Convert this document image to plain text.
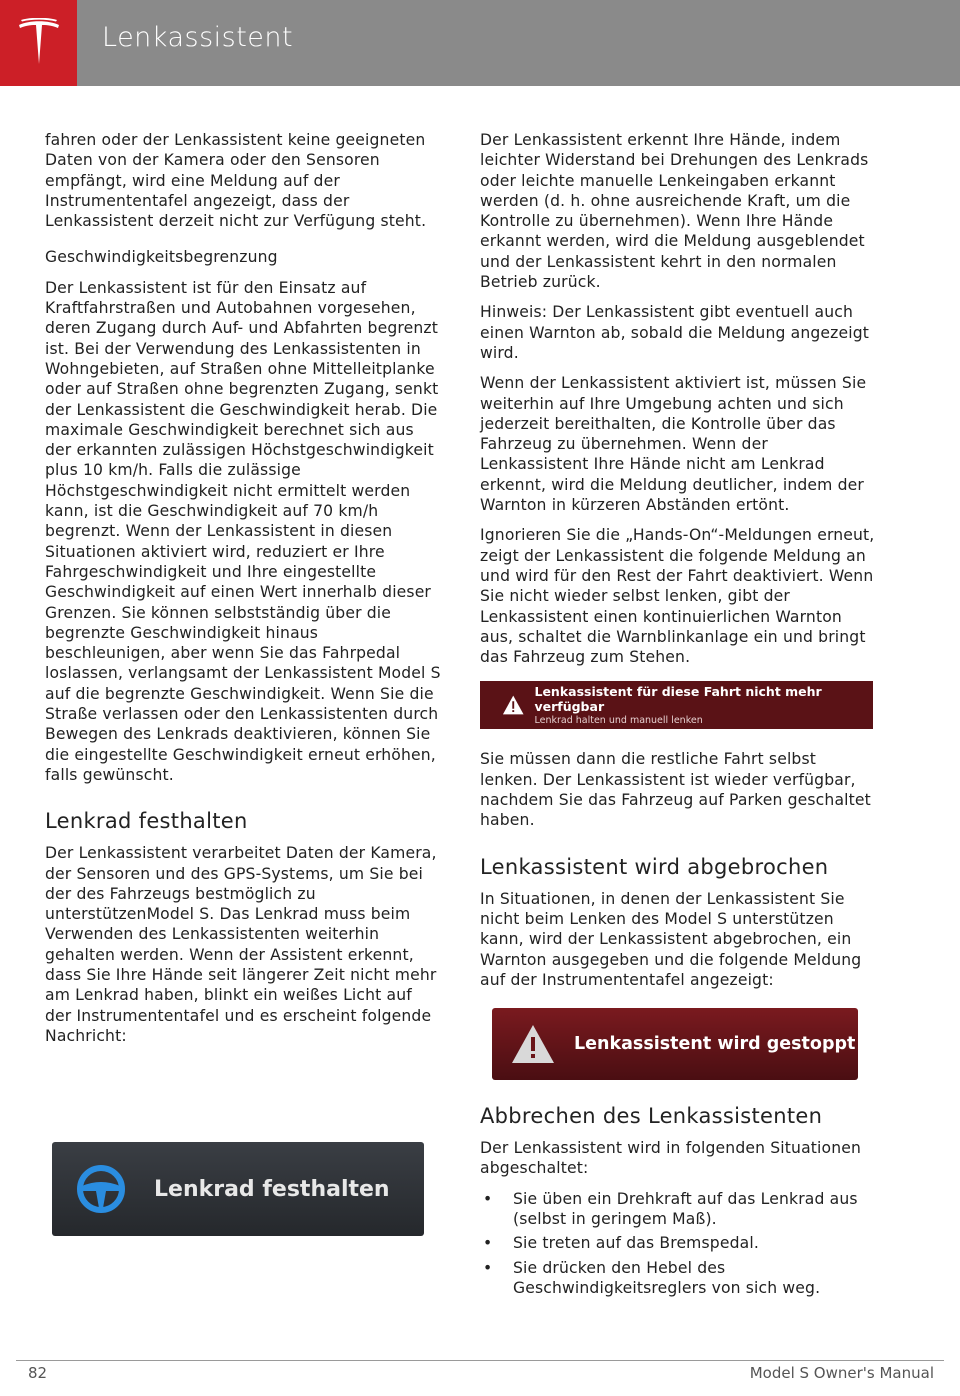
Lenkassistent

fahren oder der Lenkassistent keine geeigneten Daten von der Kamera oder den Sensoren empfängt, wird eine Meldung auf der Instrumententafel angezeigt, dass der Lenkassistent derzeit nicht zur Verfügung steht.

Geschwindigkeitsbegrenzung

Der Lenkassistent ist für den Einsatz auf Kraftfahrstraßen und Autobahnen vorgesehen, deren Zugang durch Auf- und Abfahrten begrenzt ist. Bei der Verwendung des Lenkassistenten in Wohngebieten, auf Straßen ohne Mittelleitplanke oder auf Straßen ohne begrenzten Zugang, senkt der Lenkassistent die Geschwindigkeit herab. Die maximale Geschwindigkeit berechnet sich aus der erkannten zulässigen Höchstgeschwindigkeit plus 10 km/h. Falls die zulässige Höchstgeschwindigkeit nicht ermittelt werden kann, ist die Geschwindigkeit auf 70 km/h begrenzt. Wenn der Lenkassistent in diesen Situationen aktiviert wird, reduziert er Ihre Fahrgeschwindigkeit und Ihre eingestellte Geschwindigkeit auf einen Wert innerhalb dieser Grenzen. Sie können selbstständig über die begrenzte Geschwindigkeit hinaus beschleunigen, aber wenn Sie das Fahrpedal loslassen, verlangsamt der Lenkassistent Model S auf die begrenzte Geschwindigkeit. Wenn Sie die Straße verlassen oder den Lenkassistenten durch Bewegen des Lenkrads deaktivieren, können Sie die eingestellte Geschwindigkeit erneut erhöhen, falls gewünscht.

Lenkrad festhalten

Der Lenkassistent verarbeitet Daten der Kamera, der Sensoren und des GPS-Systems, um Sie bei der des Fahrzeugs bestmöglich zu unterstützenModel S. Das Lenkrad muss beim Verwenden des Lenkassistenten weiterhin gehalten werden. Wenn der Assistent erkennt, dass Sie Ihre Hände seit längerer Zeit nicht mehr am Lenkrad haben, blinkt ein weißes Licht auf der Instrumententafel und es erscheint folgende Nachricht:

Lenkrad festhalten

Der Lenkassistent erkennt Ihre Hände, indem leichter Widerstand bei Drehungen des Lenkrads oder leichte manuelle Lenkeingaben erkannt werden (d. h. ohne ausreichende Kraft, um die Kontrolle zu übernehmen). Wenn Ihre Hände erkannt werden, wird die Meldung ausgeblendet und der Lenkassistent kehrt in den normalen Betrieb zurück.

Hinweis: Der Lenkassistent gibt eventuell auch einen Warnton ab, sobald die Meldung angezeigt wird.

Wenn der Lenkassistent aktiviert ist, müssen Sie weiterhin auf Ihre Umgebung achten und sich jederzeit bereithalten, die Kontrolle über das Fahrzeug zu übernehmen. Wenn der Lenkassistent Ihre Hände nicht am Lenkrad erkennt, wird die Meldung deutlicher, indem der Warnton in kürzeren Abständen ertönt.

Ignorieren Sie die „Hands-On“-Meldungen erneut, zeigt der Lenkassistent die folgende Meldung an und wird für den Rest der Fahrt deaktiviert. Wenn Sie nicht wieder selbst lenken, gibt der Lenkassistent einen kontinuierlichen Warnton aus, schaltet die Warnblinkanlage ein und bringt das Fahrzeug zum Stehen.

Lenkassistent für diese Fahrt nicht mehr verfügbar
Lenkrad halten und manuell lenken

Sie müssen dann die restliche Fahrt selbst lenken. Der Lenkassistent ist wieder verfügbar, nachdem Sie das Fahrzeug auf Parken geschaltet haben.

Lenkassistent wird abgebrochen

In Situationen, in denen der Lenkassistent Sie nicht beim Lenken des Model S unterstützen kann, wird der Lenkassistent abgebrochen, ein Warnton ausgegeben und die folgende Meldung auf der Instrumententafel angezeigt:

Lenkassistent wird gestoppt
Abbrechen des Lenkassistenten

Der Lenkassistent wird in folgenden Situationen abgeschaltet:

• Sie üben ein Drehkraft auf das Lenkrad aus (selbst in geringem Maß).
• Sie treten auf das Bremspedal.
• Sie drücken den Hebel des Geschwindigkeitsreglers von sich weg.
82	Model S Owner's Manual
